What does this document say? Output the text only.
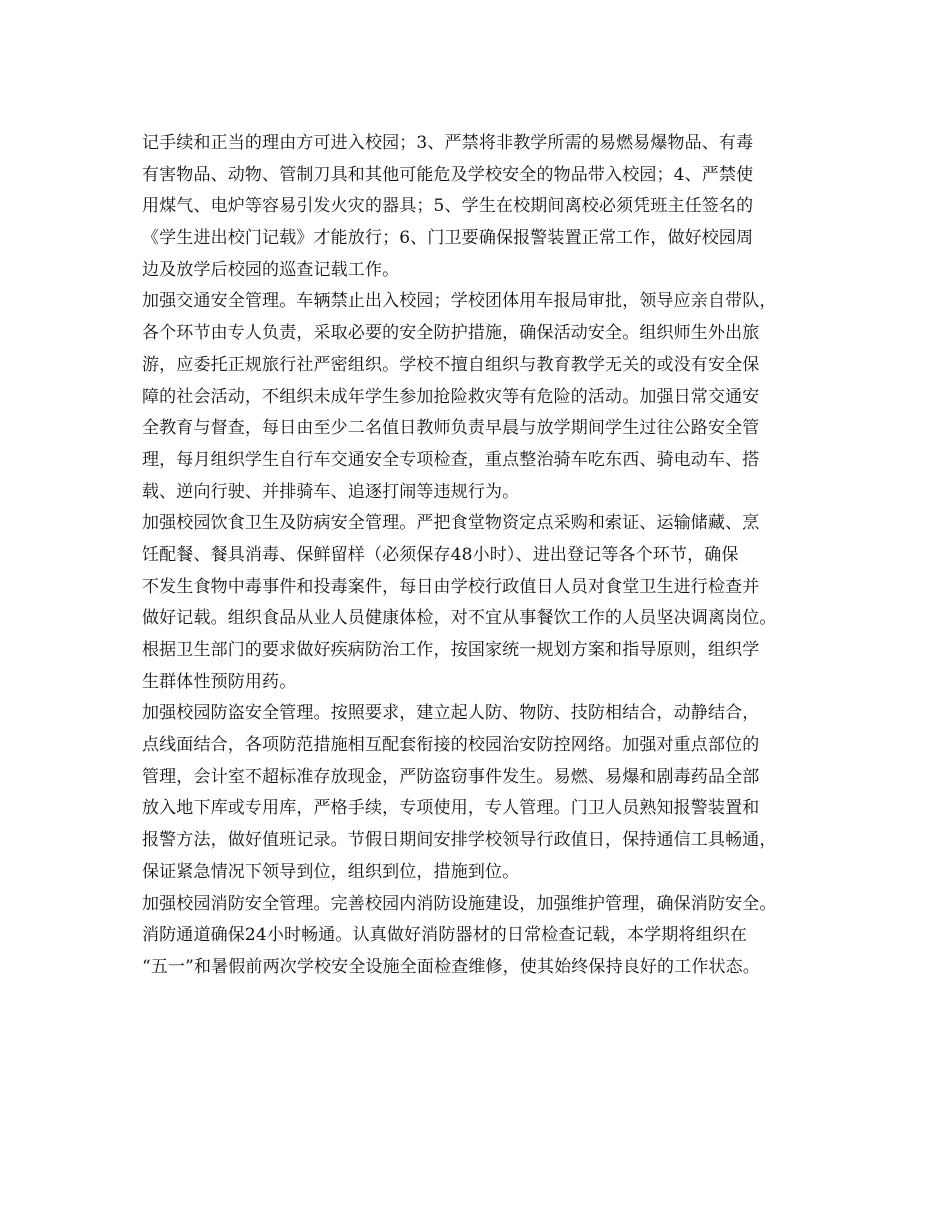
记手续和正当的理由方可进入校园；3、严禁将非教学所需的易燃易爆物品、有毒
有害物品、动物、管制刀具和其他可能危及学校安全的物品带入校园；4、严禁使
用煤气、电炉等容易引发火灾的器具；5、学生在校期间离校必须凭班主任签名的
《学生进出校门记载》才能放行；6、门卫要确保报警装置正常工作，做好校园周
边及放学后校园的巡查记载工作。
加强交通安全管理。车辆禁止出入校园；学校团体用车报局审批，领导应亲自带队，
各个环节由专人负责，采取必要的安全防护措施，确保活动安全。组织师生外出旅
游，应委托正规旅行社严密组织。学校不擅自组织与教育教学无关的或没有安全保
障的社会活动，不组织未成年学生参加抢险救灾等有危险的活动。加强日常交通安
全教育与督查，每日由至少二名值日教师负责早晨与放学期间学生过往公路安全管
理，每月组织学生自行车交通安全专项检查，重点整治骑车吃东西、骑电动车、搭
载、逆向行驶、并排骑车、追逐打闹等违规行为。
加强校园饮食卫生及防病安全管理。严把食堂物资定点采购和索证、运输储藏、烹
饪配餐、餐具消毒、保鲜留样（必须保存48小时）、进出登记等各个环节，确保
不发生食物中毒事件和投毒案件，每日由学校行政值日人员对食堂卫生进行检查并
做好记载。组织食品从业人员健康体检，对不宜从事餐饮工作的人员坚决调离岗位。
根据卫生部门的要求做好疾病防治工作，按国家统一规划方案和指导原则，组织学
生群体性预防用药。
加强校园防盗安全管理。按照要求，建立起人防、物防、技防相结合，动静结合，
点线面结合，各项防范措施相互配套衔接的校园治安防控网络。加强对重点部位的
管理，会计室不超标准存放现金，严防盗窃事件发生。易燃、易爆和剧毒药品全部
放入地下库或专用库，严格手续，专项使用，专人管理。门卫人员熟知报警装置和
报警方法，做好值班记录。节假日期间安排学校领导行政值日，保持通信工具畅通，
保证紧急情况下领导到位，组织到位，措施到位。
加强校园消防安全管理。完善校园内消防设施建设，加强维护管理，确保消防安全。
消防通道确保24小时畅通。认真做好消防器材的日常检查记载，本学期将组织在
“五一”和暑假前两次学校安全设施全面检查维修，使其始终保持良好的工作状态。
